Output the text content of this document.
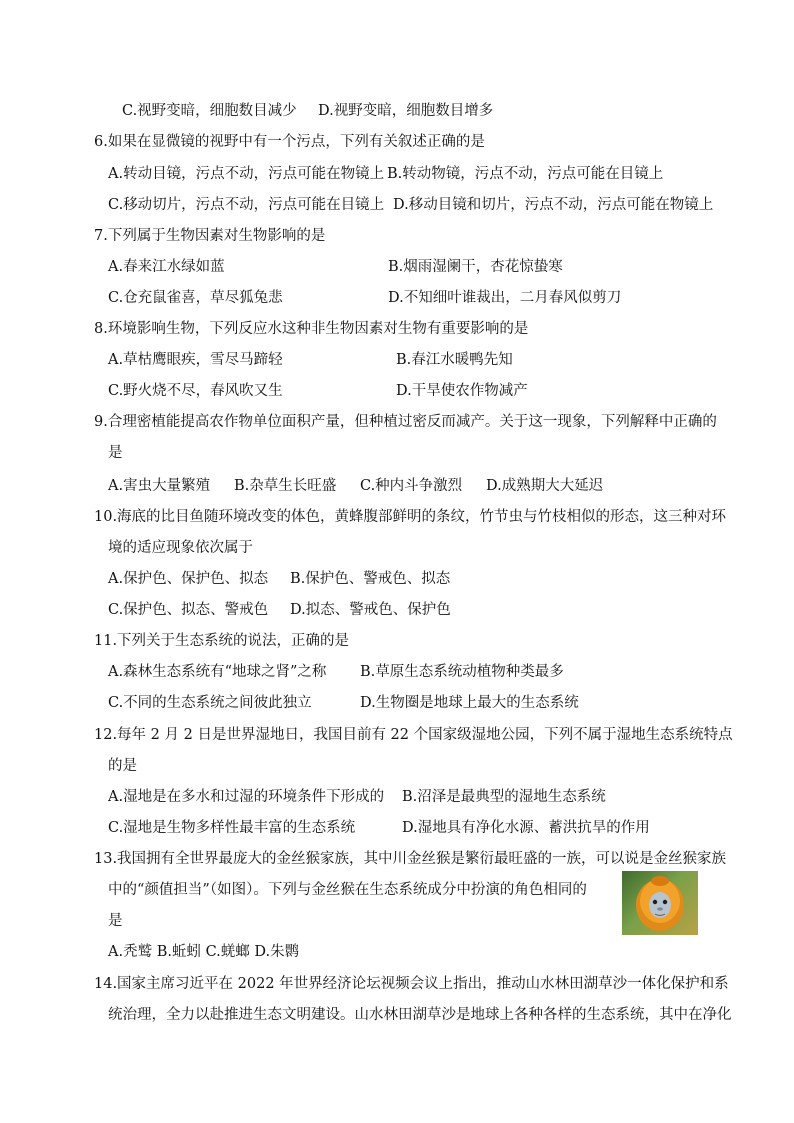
C.视野变暗，细胞数目减少 D.视野变暗，细胞数目增多
6.如果在显微镜的视野中有一个污点，下列有关叙述正确的是
A.转动目镜，污点不动，污点可能在物镜上 B.转动物镜，污点不动，污点可能在目镜上
C.移动切片，污点不动，污点可能在目镜上 D.移动目镜和切片，污点不动，污点可能在物镜上
7.下列属于生物因素对生物影响的是
A.春来江水绿如蓝	B.烟雨湿阑干，杏花惊蛰寒
C.仓充鼠雀喜，草尽狐兔悲	D.不知细叶谁裁出，二月春风似剪刀
8.环境影响生物，下列反应水这种非生物因素对生物有重要影响的是
A.草枯鹰眼疾，雪尽马蹄轻	B.春江水暖鸭先知
C.野火烧不尽，春风吹又生	D.干旱使农作物减产
9.合理密植能提高农作物单位面积产量，但种植过密反而减产。关于这一现象，下列解释中正确的
是
A.害虫大量繁殖 B.杂草生长旺盛 C.种内斗争激烈 D.成熟期大大延迟
10.海底的比目鱼随环境改变的体色，黄蜂腹部鲜明的条纹，竹节虫与竹枝相似的形态，这三种对环
境的适应现象依次属于
A.保护色、保护色、拟态 B.保护色、警戒色、拟态
C.保护色、拟态、警戒色 D.拟态、警戒色、保护色
11.下列关于生态系统的说法，正确的是
A.森林生态系统有“地球之肾”之称 B.草原生态系统动植物种类最多
C.不同的生态系统之间彼此独立	D.生物圈是地球上最大的生态系统
12.每年 2 月 2 日是世界湿地日，我国目前有 22 个国家级湿地公园，下列不属于湿地生态系统特点
的是
A.湿地是在多水和过湿的环境条件下形成的 B.沼泽是最典型的湿地生态系统
C.湿地是生物多样性最丰富的生态系统	D.湿地具有净化水源、蓄洪抗旱的作用
13.我国拥有全世界最庞大的金丝猴家族，其中川金丝猴是繁衍最旺盛的一族，可以说是金丝猴家族
中的“颜值担当”（如图）。下列与金丝猴在生态系统成分中扮演的角色相同的
是
A.秃鹫 B.蚯蚓 C.蜣螂 D.朱鹮
14.国家主席习近平在 2022 年世界经济论坛视频会议上指出，推动山水林田湖草沙一体化保护和系
统治理，全力以赴推进生态文明建设。山水林田湖草沙是地球上各种各样的生态系统，其中在净化
